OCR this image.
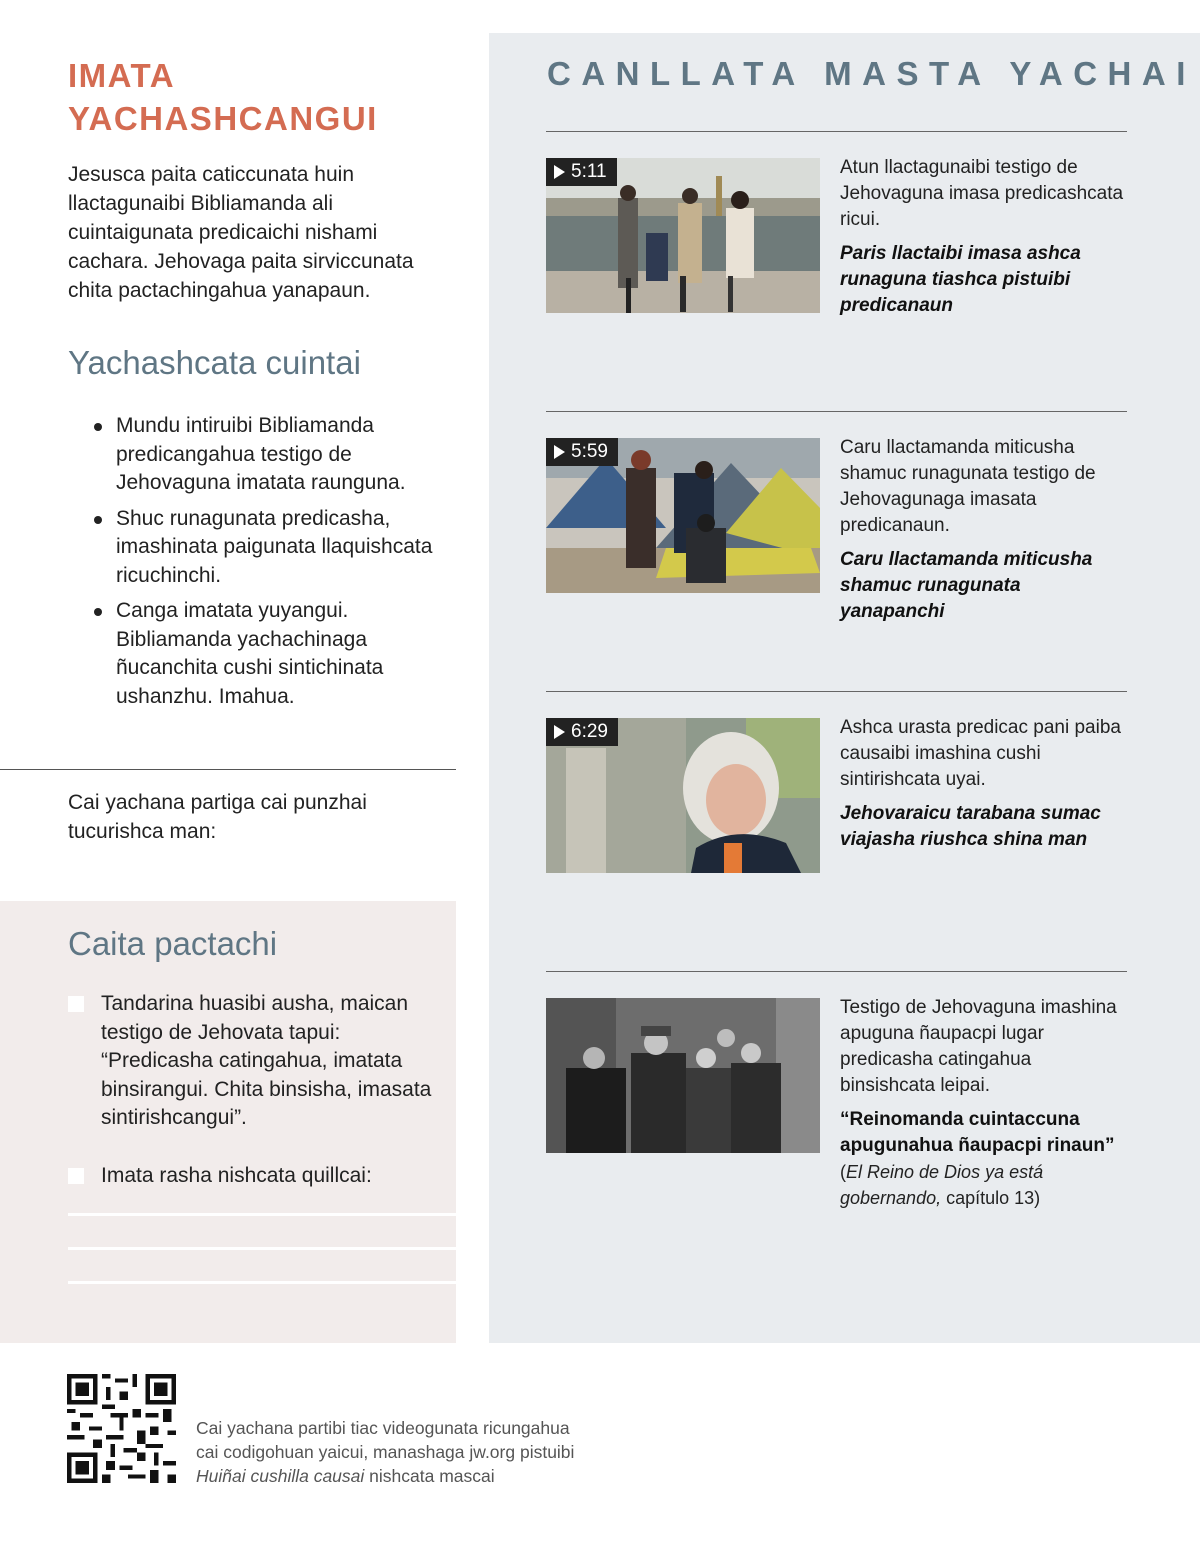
IMATA
YACHASHCANGUI

Jesusca paita caticcunata huin llactagunaibi Bibliamanda ali cuintaigunata predicaichi nishami cachara. Jehovaga paita sirviccunata chita pactachingahua yanapaun.

Yachashcata cuintai
Mundu intiruibi Bibliamanda predicangahua testigo de Jehovaguna imatata raunguna.
Shuc runagunata predicasha, imashinata paigunata llaquishcata ricuchinchi.
Canga imatata yuyangui. Bibliamanda yachachinaga ñucanchita cushi sintichinata ushanzhu. Imahua.

Cai yachana partiga cai punzhai tucurishca man:

Caita pactachi

Tandarina huasibi ausha, maican testigo de Jehovata tapui: “Predicasha catingahua, imatata binsirangui. Chita binsisha, imasata sintirishcangui”.

Imata rasha nishcata quillcai:

CANLLATA MASTA YACHAI
5:11	Atun llactagunaibi testigo de Jehovaguna imasa predicashcata ricui.

Paris llactaibi imasa ashca runaguna tiashca pistuibi predicanaun

5:59	Caru llactamanda miticusha shamuc runagunata testigo de Jehovagunaga imasata predicanaun.

Caru llactamanda miticusha shamuc runagunata yanapanchi

6:29	Ashca urasta predicac pani paiba causaibi imashina cushi sintirishcata uyai.

Jehovaraicu tarabana sumac viajasha riushca shina man

Testigo de Jehovaguna imashina apuguna ñaupacpi lugar predicasha catingahua binsishcata leipai.

“Reinomanda cuintaccuna apugunahua ñaupacpi rinaun”

(El Reino de Dios ya está gobernando, capítulo 13)

Cai yachana partibi tiac videogunata ricungahua
cai codigohuan yaicui, manashaga jw.org pistuibi
Huiñai cushilla causai nishcata mascai
